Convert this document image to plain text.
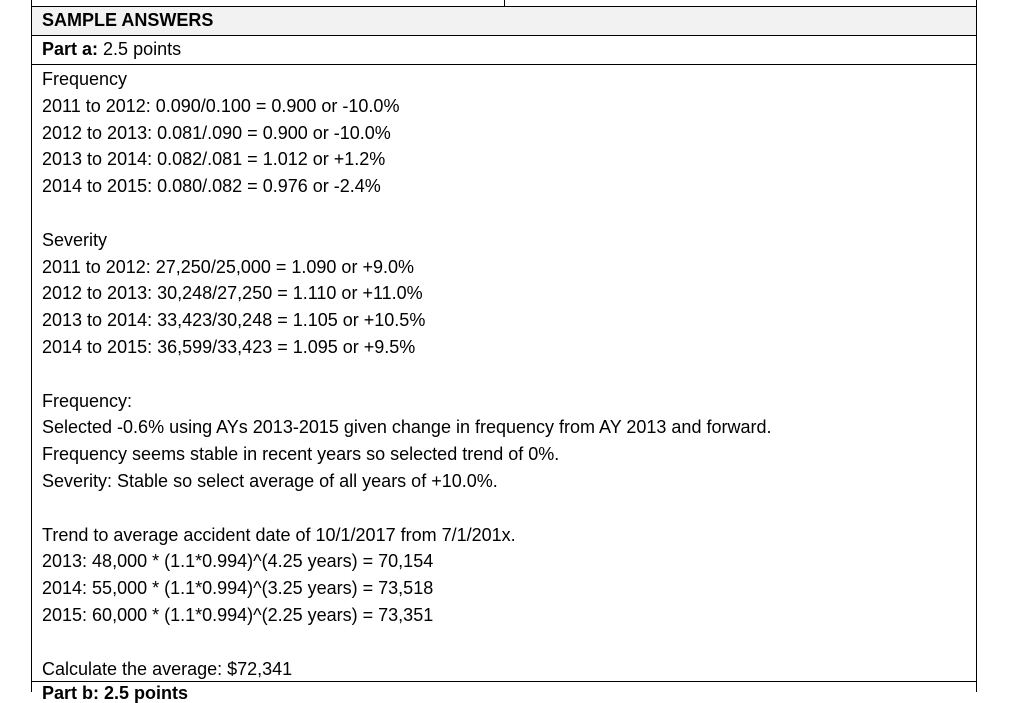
SAMPLE ANSWERS
Part a: 2.5 points
Frequency
2011 to 2012: 0.090/0.100 = 0.900 or -10.0%
2012 to 2013: 0.081/.090 = 0.900 or -10.0%
2013 to 2014: 0.082/.081 = 1.012 or +1.2%
2014 to 2015: 0.080/.082 = 0.976 or -2.4%

Severity
2011 to 2012: 27,250/25,000 = 1.090 or +9.0%
2012 to 2013: 30,248/27,250 = 1.110 or +11.0%
2013 to 2014: 33,423/30,248 = 1.105 or +10.5%
2014 to 2015: 36,599/33,423 = 1.095 or +9.5%

Frequency:
Selected -0.6% using AYs 2013-2015 given change in frequency from AY 2013 and forward.
Frequency seems stable in recent years so selected trend of 0%.
Severity: Stable so select average of all years of +10.0%.

Trend to average accident date of 10/1/2017 from 7/1/201x.
2013: 48,000 * (1.1*0.994)^(4.25 years) = 70,154
2014: 55,000 * (1.1*0.994)^(3.25 years) = 73,518
2015: 60,000 * (1.1*0.994)^(2.25 years) = 73,351

Calculate the average: $72,341
Part b: 2.5 points
